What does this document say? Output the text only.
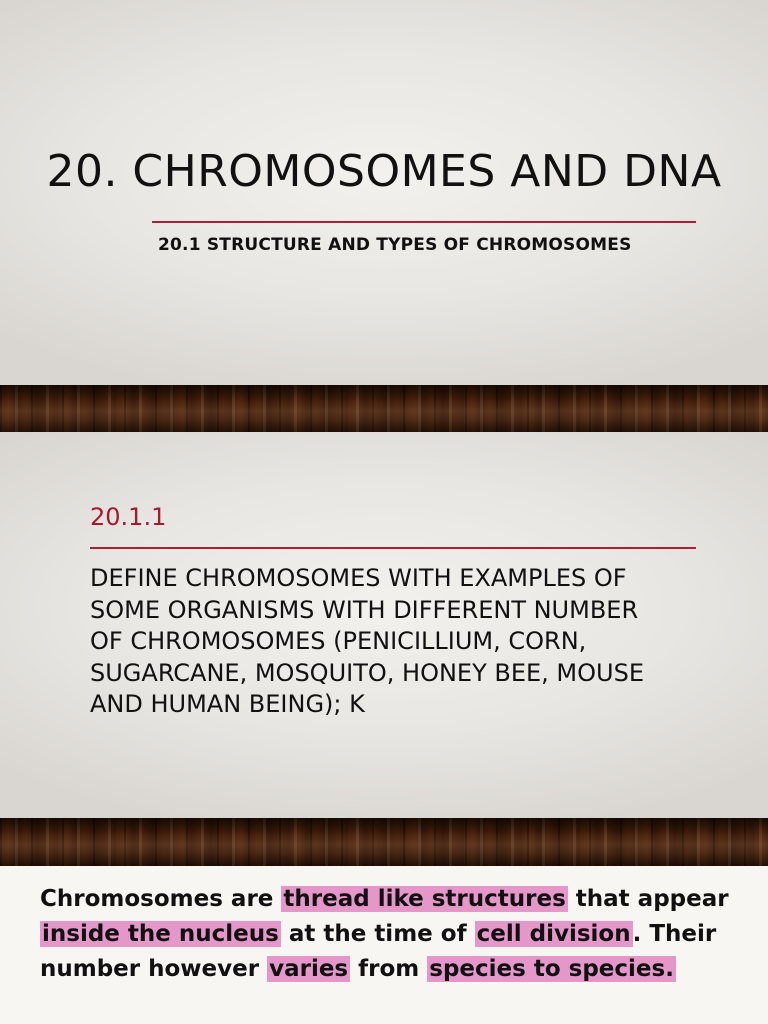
20. CHROMOSOMES AND DNA
20.1 STRUCTURE AND TYPES OF CHROMOSOMES
20.1.1
DEFINE CHROMOSOMES WITH EXAMPLES OF
SOME ORGANISMS WITH DIFFERENT NUMBER
OF CHROMOSOMES (PENICILLIUM, CORN,
SUGARCANE, MOSQUITO, HONEY BEE, MOUSE
AND HUMAN BEING); K
Chromosomes are thread like structures that appear inside the nucleus at the time of cell division. Their number however varies from species to species.
